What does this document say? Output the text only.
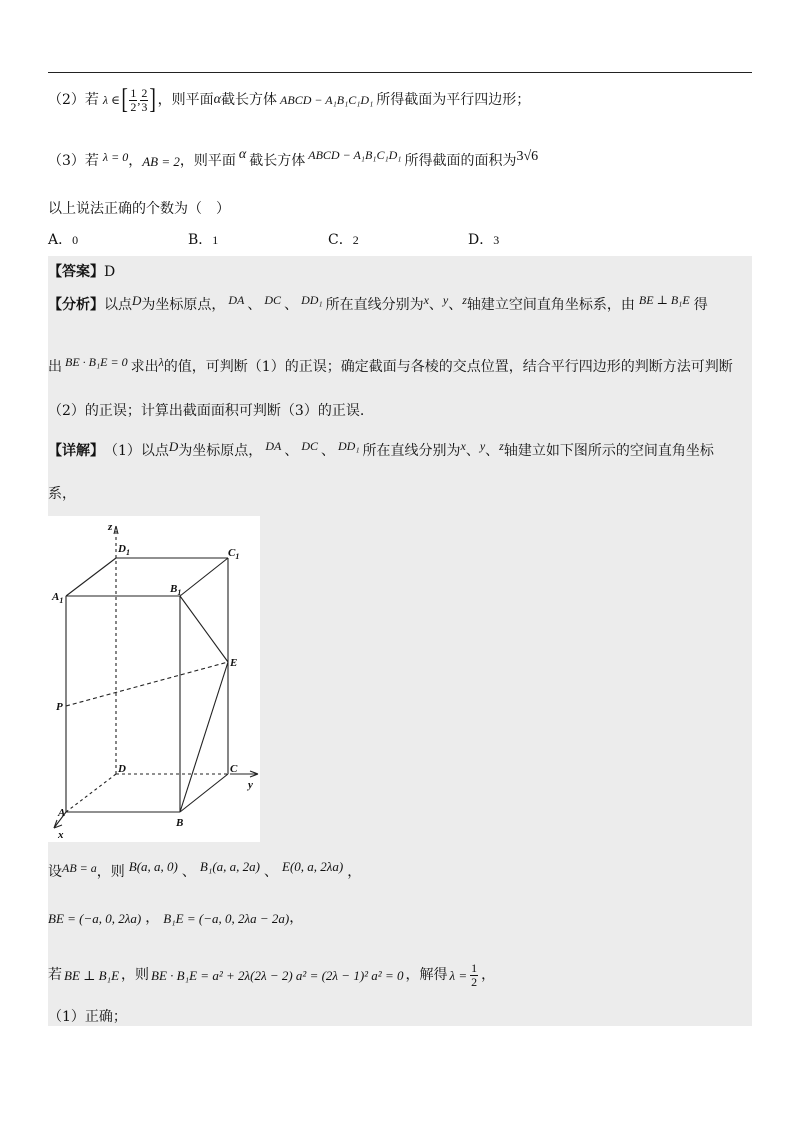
（2）若 λ ∈ [ $\frac{1}{2}$ , $\frac{2}{3}$ ] ，则平面 α 截长方体 ABCD − A₁B₁C₁D₁ 所得截面为平行四边形；
（3）若 λ = 0 ， AB = 2 ，则平面 α 截长方体 ABCD − A₁B₁C₁D₁ 所得截面的面积为 3√6
以上说法正确的个数为（　）
A．0	B．1	C．2	D．3
【答案】D
【分析】 以点 D 为坐标原点， DA 、 DC 、 DD₁ 所在直线分别为 x 、 y 、 z 轴建立空间直角坐标系，由 BE ⊥ B₁E 得
出 BE · B₁E = 0 求出 λ 的值，可判断（1）的正误；确定截面与各棱的交点位置，结合平行四边形的判断方法可判断
（2）的正误；计算出截面面积可判断（3）的正误.
【详解】 （1）以点 D 为坐标原点， DA 、 DC 、 DD₁ 所在直线分别为 x 、 y 、 z 轴建立如下图所示的空间直角坐标
系，
z
y
x
$D_1$	$C_1$
$A_1$
$B_1$
E
P
D	C
A
B
设 AB = a ，则 B(a, a, 0) 、 B₁(a, a, 2a) 、 E(0, a, 2λa) ，
BE = (−a, 0, 2λa) ， B₁E = (−a, 0, 2λa − 2a) ，
若 BE ⊥ B₁E ，则 BE · B₁E = a² + 2λ(2λ − 2) a² = (2λ − 1)² a² = 0 ，解得 $\lambda = \frac{1}{2}$ ，
（1）正确；
